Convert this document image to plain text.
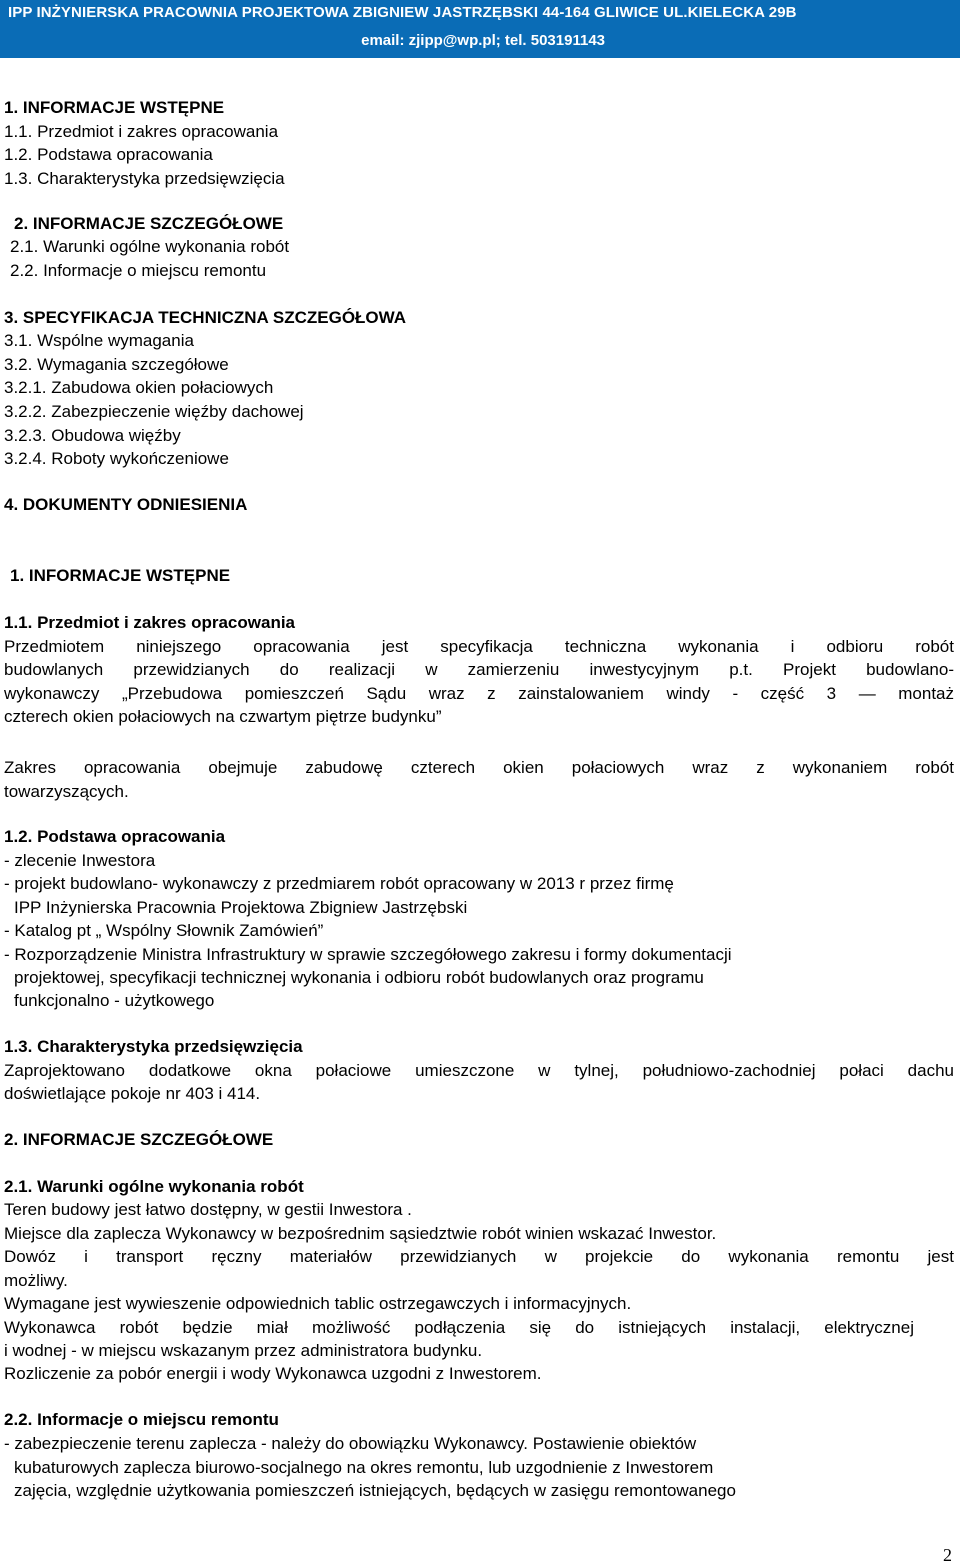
IPP INŻYNIERSKA PRACOWNIA PROJEKTOWA ZBIGNIEW JASTRZĘBSKI 44-164 GLIWICE UL.KIELECKA 29B
email: zjipp@wp.pl; tel. 503191143
1. INFORMACJE WSTĘPNE
1.1. Przedmiot i zakres opracowania
1.2. Podstawa opracowania
1.3. Charakterystyka przedsięwzięcia
2. INFORMACJE SZCZEGÓŁOWE
2.1. Warunki ogólne wykonania robót
2.2. Informacje o miejscu remontu
3. SPECYFIKACJA TECHNICZNA SZCZEGÓŁOWA
3.1. Wspólne wymagania
3.2. Wymagania szczegółowe
3.2.1. Zabudowa okien połaciowych
3.2.2. Zabezpieczenie więźby dachowej
3.2.3. Obudowa więźby
3.2.4. Roboty wykończeniowe
4. DOKUMENTY ODNIESIENIA
1. INFORMACJE WSTĘPNE
1.1. Przedmiot i zakres opracowania
Przedmiotem niniejszego opracowania jest specyfikacja techniczna wykonania i odbioru robót
budowlanych przewidzianych do realizacji w zamierzeniu inwestycyjnym p.t. Projekt budowlano-
wykonawczy „Przebudowa pomieszczeń Sądu wraz z zainstalowaniem windy - część 3 — montaż
czterech okien połaciowych na czwartym piętrze budynku”
Zakres opracowania obejmuje zabudowę czterech okien połaciowych wraz z wykonaniem robót
towarzyszących.
1.2. Podstawa opracowania
- zlecenie Inwestora
- projekt budowlano- wykonawczy z przedmiarem robót opracowany w 2013 r przez firmę
IPP Inżynierska Pracownia Projektowa Zbigniew Jastrzębski
- Katalog pt „ Wspólny Słownik Zamówień”
- Rozporządzenie Ministra Infrastruktury w sprawie szczegółowego zakresu i formy dokumentacji
projektowej, specyfikacji technicznej wykonania i odbioru robót budowlanych oraz programu
funkcjonalno - użytkowego
1.3. Charakterystyka przedsięwzięcia
Zaprojektowano dodatkowe okna połaciowe umieszczone w tylnej, południowo-zachodniej połaci dachu
doświetlające pokoje nr 403 i 414.
2. INFORMACJE SZCZEGÓŁOWE
2.1. Warunki ogólne wykonania robót
Teren budowy jest łatwo dostępny, w gestii Inwestora .
Miejsce dla zaplecza Wykonawcy w bezpośrednim sąsiedztwie robót winien wskazać Inwestor.
Dowóz i transport ręczny materiałów przewidzianych w projekcie do wykonania remontu jest
możliwy.
Wymagane jest wywieszenie odpowiednich tablic ostrzegawczych i informacyjnych.
Wykonawca robót będzie miał możliwość podłączenia się do istniejących instalacji, elektrycznej
i wodnej - w miejscu wskazanym przez administratora budynku.
Rozliczenie za pobór energii i wody Wykonawca uzgodni z Inwestorem.
2.2. Informacje o miejscu remontu
- zabezpieczenie terenu zaplecza - należy do obowiązku Wykonawcy. Postawienie obiektów
kubaturowych zaplecza biurowo-socjalnego na okres remontu, lub uzgodnienie z Inwestorem
zajęcia, względnie użytkowania pomieszczeń istniejących, będących w zasięgu remontowanego
2
